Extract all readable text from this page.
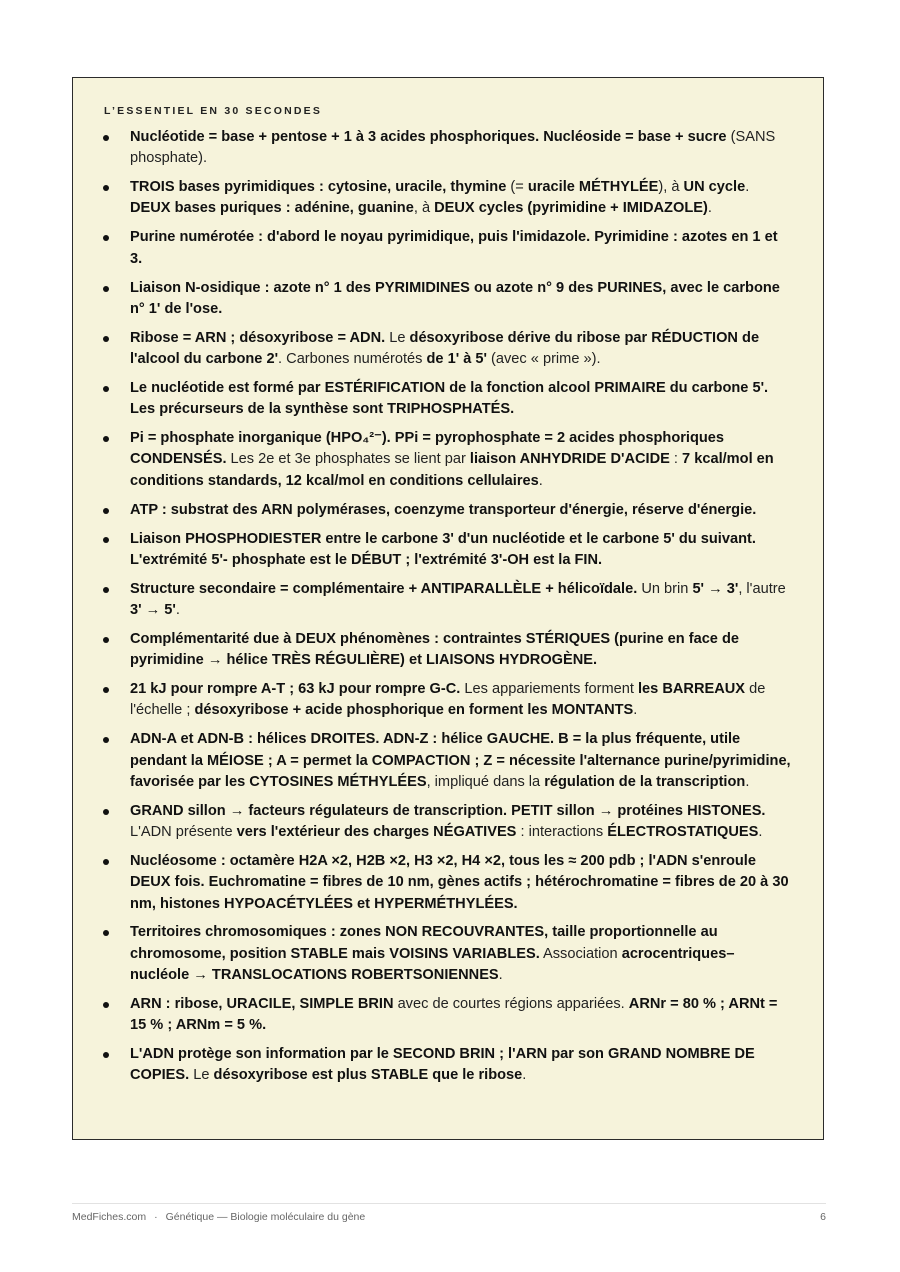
L’ESSENTIEL EN 30 SECONDES
Nucléotide = base + pentose + 1 à 3 acides phosphoriques. Nucléoside = base + sucre (SANS phosphate).
TROIS bases pyrimidiques : cytosine, uracile, thymine (= uracile MÉTHYLÉE), à UN cycle. DEUX bases puriques : adénine, guanine, à DEUX cycles (pyrimidine + IMIDAZOLE).
Purine numérotée : d'abord le noyau pyrimidique, puis l'imidazole. Pyrimidine : azotes en 1 et 3.
Liaison N-osidique : azote n° 1 des PYRIMIDINES ou azote n° 9 des PURINES, avec le carbone n° 1' de l'ose.
Ribose = ARN ; désoxyribose = ADN. Le désoxyribose dérive du ribose par RÉDUCTION de l'alcool du carbone 2'. Carbones numérotés de 1' à 5' (avec « prime »).
Le nucléotide est formé par ESTÉRIFICATION de la fonction alcool PRIMAIRE du carbone 5'. Les précurseurs de la synthèse sont TRIPHOSPHATÉS.
Pi = phosphate inorganique (HPO₄²⁻). PPi = pyrophosphate = 2 acides phosphoriques CONDENSÉS. Les 2e et 3e phosphates se lient par liaison ANHYDRIDE D'ACIDE : 7 kcal/mol en conditions standards, 12 kcal/mol en conditions cellulaires.
ATP : substrat des ARN polymérases, coenzyme transporteur d'énergie, réserve d'énergie.
Liaison PHOSPHODIESTER entre le carbone 3' d'un nucléotide et le carbone 5' du suivant. L'extrémité 5'- phosphate est le DÉBUT ; l'extrémité 3'-OH est la FIN.
Structure secondaire = complémentaire + ANTIPARALLÈLE + hélicoïdale. Un brin 5' → 3', l'autre 3' → 5'.
Complémentarité due à DEUX phénomènes : contraintes STÉRIQUES (purine en face de pyrimidine → hélice TRÈS RÉGULIÈRE) et LIAISONS HYDROGÈNE.
21 kJ pour rompre A-T ; 63 kJ pour rompre G-C. Les appariements forment les BARREAUX de l'échelle ; désoxyribose + acide phosphorique en forment les MONTANTS.
ADN-A et ADN-B : hélices DROITES. ADN-Z : hélice GAUCHE. B = la plus fréquente, utile pendant la MÉIOSE ; A = permet la COMPACTION ; Z = nécessite l'alternance purine/pyrimidine, favorisée par les CYTOSINES MÉTHYLÉES, impliqué dans la régulation de la transcription.
GRAND sillon → facteurs régulateurs de transcription. PETIT sillon → protéines HISTONES. L'ADN présente vers l'extérieur des charges NÉGATIVES : interactions ÉLECTROSTATIQUES.
Nucléosome : octamère H2A ×2, H2B ×2, H3 ×2, H4 ×2, tous les ≈ 200 pdb ; l'ADN s'enroule DEUX fois. Euchromatine = fibres de 10 nm, gènes actifs ; hétérochromatine = fibres de 20 à 30 nm, histones HYPOACÉTYLÉES et HYPERMÉTHYLÉES.
Territoires chromosomiques : zones NON RECOUVRANTES, taille proportionnelle au chromosome, position STABLE mais VOISINS VARIABLES. Association acrocentriques–nucléole → TRANSLOCATIONS ROBERTSONIENNES.
ARN : ribose, URACILE, SIMPLE BRIN avec de courtes régions appariées. ARNr = 80 % ; ARNt = 15 % ; ARNm = 5 %.
L'ADN protège son information par le SECOND BRIN ; l'ARN par son GRAND NOMBRE DE COPIES. Le désoxyribose est plus STABLE que le ribose.
MedFiches.com · Génétique — Biologie moléculaire du gène	6
